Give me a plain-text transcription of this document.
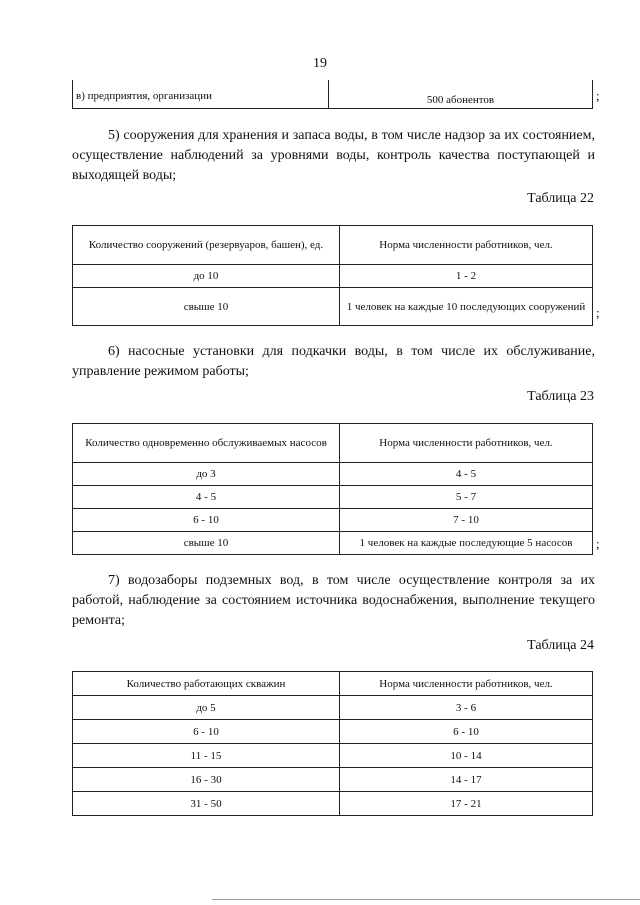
19
в) предприятия, организации	$_{500 абонентов}$	;

5) сооружения для хранения и запаса воды, в том числе надзор за их состоянием, осуществление наблюдений за уровнями воды, контроль качества поступающей и выходящей воды;

Таблица 22
Количество сооружений (резервуаров, башен), ед.	Норма численности работников, чел.
до 10	1 - 2
свыше 10	1 человек на каждые 10 последующих сооружений ;

6) насосные установки для подкачки воды, в том числе их обслуживание, управление режимом работы;

Таблица 23
Количество одновременно обслуживаемых насосов	Норма численности работников, чел.
до 3	4 - 5
4 - 5	5 - 7
6 - 10	7 - 10
свыше 10	1 человек на каждые последующие 5 насосов ;

7) водозаборы подземных вод, в том числе осуществление контроля за их работой, наблюдение за состоянием источника водоснабжения, выполнение текущего ремонта;

Таблица 24
Количество работающих скважин	Норма численности работников, чел.
до 5	3 - 6
6 - 10	6 - 10
11 - 15	10 - 14
16 - 30	14 - 17
31 - 50	17 - 21
